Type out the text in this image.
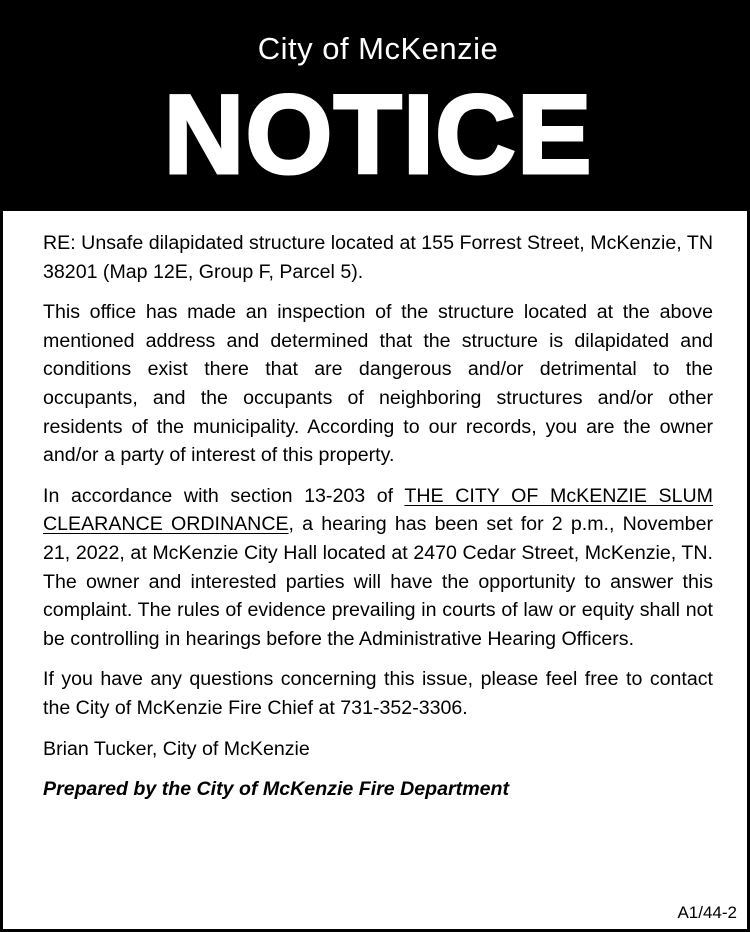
City of McKenzie
NOTICE

RE: Unsafe dilapidated structure located at 155 Forrest Street, McKenzie, TN 38201 (Map 12E, Group F, Parcel 5).

This office has made an inspection of the structure located at the above mentioned address and determined that the structure is dilapidated and conditions exist there that are dangerous and/or detrimental to the occupants, and the occupants of neighboring structures and/or other residents of the municipality. According to our records, you are the owner and/or a party of interest of this property.

In accordance with section 13-203 of THE CITY OF McKENZIE SLUM CLEARANCE ORDINANCE, a hearing has been set for 2 p.m., November 21, 2022, at McKenzie City Hall located at 2470 Cedar Street, McKenzie, TN. The owner and interested parties will have the opportunity to answer this complaint. The rules of evidence prevailing in courts of law or equity shall not be controlling in hearings before the Administrative Hearing Officers.

If you have any questions concerning this issue, please feel free to contact the City of McKenzie Fire Chief at 731-352-3306.

Brian Tucker, City of McKenzie

Prepared by the City of McKenzie Fire Department

A1/44-2
